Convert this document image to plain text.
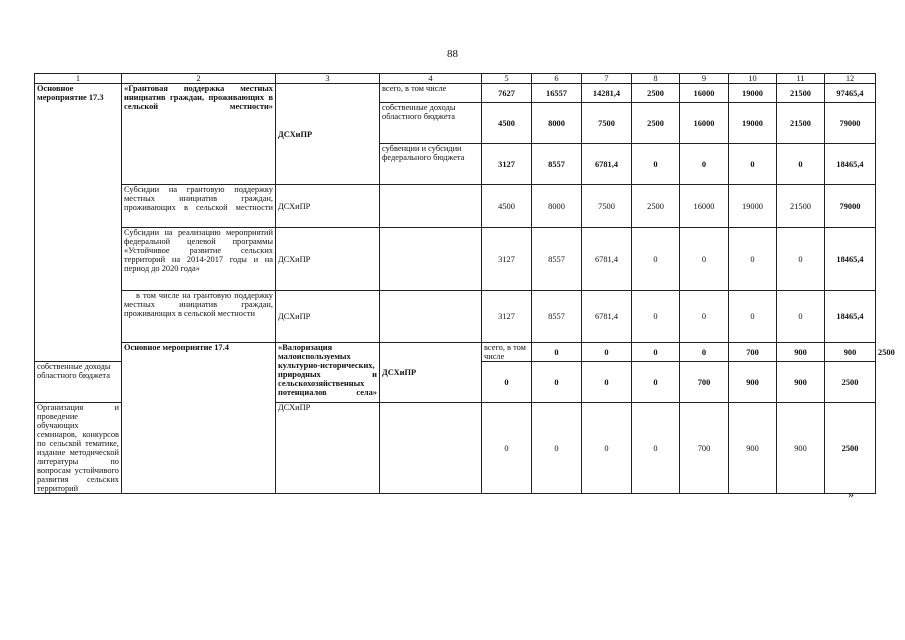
88
1	2	3	4	5	6	7	8	9	10	11	12	
Основное мероприятие 17.3	«Грантовая поддержка местных инициатив граждан, проживающих в сельской местности»	ДСХиПР	всего, в том числе	7627	16557	14281,4	2500	16000	19000	21500	97465,4	
			собственные доходы областного бюджета	4500	8000	7500	2500	16000	19000	21500	79000	
			субвенции и субсидии федерального бюджета	3127	8557	6781,4	0	0	0	0	18465,4	
	Субсидии на грантовую поддержку местных инициатив граждан, проживающих в сельской местности	ДСХиПР		4500	8000	7500	2500	16000	19000	21500	79000	
	Субсидии на реализацию мероприятий федеральной целевой программы «Устойчивое развитие сельских территорий на 2014-2017 годы и на период до 2020 года»	ДСХиПР		3127	8557	6781,4	0	0	0	0	18465,4	
	в том числе на грантовую поддержку местных инициатив граждан, проживающих в сельской местности	ДСХиПР		3127	8557	6781,4	0	0	0	0	18465,4	
	Основное мероприятие 17.4	«Валоризация малоиспользуемых культурно-исторических, природных и сельскохозяйственных потенциалов села»	ДСХиПР	всего, в том числе	0	0	0	0	700	900	900	2500
собственные доходы областного бюджета				0	0	0	0	700	900	900	2500	
Организация и проведение обучающих семинаров, конкурсов по сельской тематике, издание методической литературы по вопросам устойчивого развития сельских территорий		ДСХиПР		0	0	0	0	700	900	900	2500	
»
